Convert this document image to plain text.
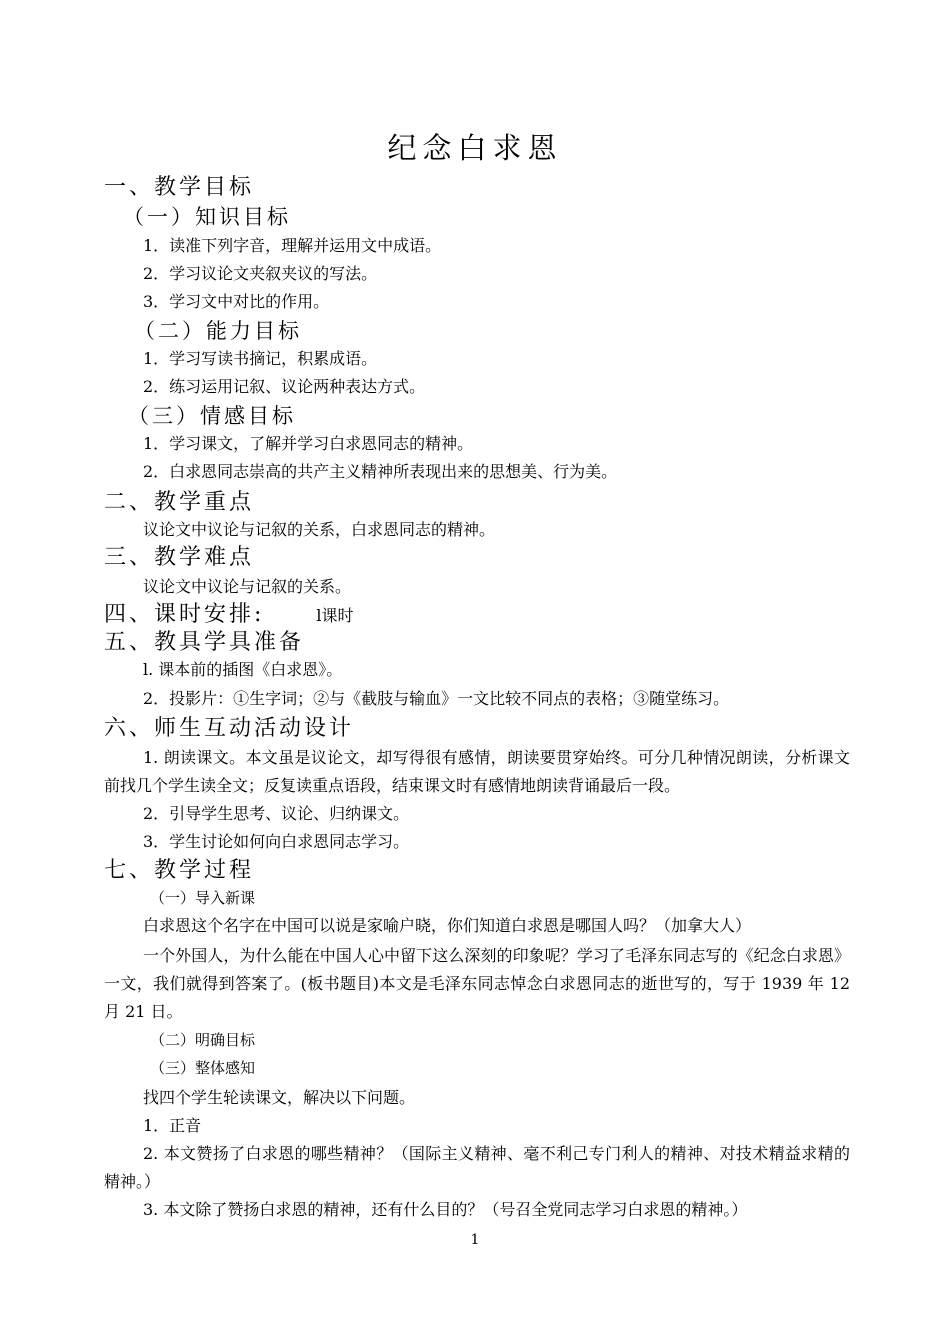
纪念白求恩
一、教学目标
（一）知识目标
1．读准下列字音，理解并运用文中成语。
2．学习议论文夹叙夹议的写法。
3．学习文中对比的作用。
（二）能力目标
1．学习写读书摘记，积累成语。
2．练习运用记叙、议论两种表达方式。
（三）情感目标
1．学习课文，了解并学习白求恩同志的精神。
2．白求恩同志崇高的共产主义精神所表现出来的思想美、行为美。
二、教学重点
议论文中议论与记叙的关系，白求恩同志的精神。
三、教学难点
议论文中议论与记叙的关系。
四、课时安排:	l课时
五、教具学具准备
l. 课本前的插图《白求恩》。
2．投影片：①生字词；②与《截肢与输血》一文比较不同点的表格；③随堂练习。
六、师生互动活动设计
1. 朗读课文。本文虽是议论文，却写得很有感情，朗读要贯穿始终。可分几种情况朗读，分析课文前找几个学生读全文；反复读重点语段，结束课文时有感情地朗读背诵最后一段。
2．引导学生思考、议论、归纳课文。
3．学生讨论如何向白求恩同志学习。
七、教学过程
（一）导入新课
白求恩这个名字在中国可以说是家喻户晓，你们知道白求恩是哪国人吗？（加拿大人）
一个外国人，为什么能在中国人心中留下这么深刻的印象呢？学习了毛泽东同志写的《纪念白求恩》一文，我们就得到答案了。(板书题目)本文是毛泽东同志悼念白求恩同志的逝世写的，写于 1939 年 12 月 21 日。
（二）明确目标
（三）整体感知
找四个学生轮读课文，解决以下问题。
1．正音
2. 本文赞扬了白求恩的哪些精神？（国际主义精神、毫不利己专门利人的精神、对技术精益求精的精神。）
3. 本文除了赞扬白求恩的精神，还有什么目的？（号召全党同志学习白求恩的精神。）
1
